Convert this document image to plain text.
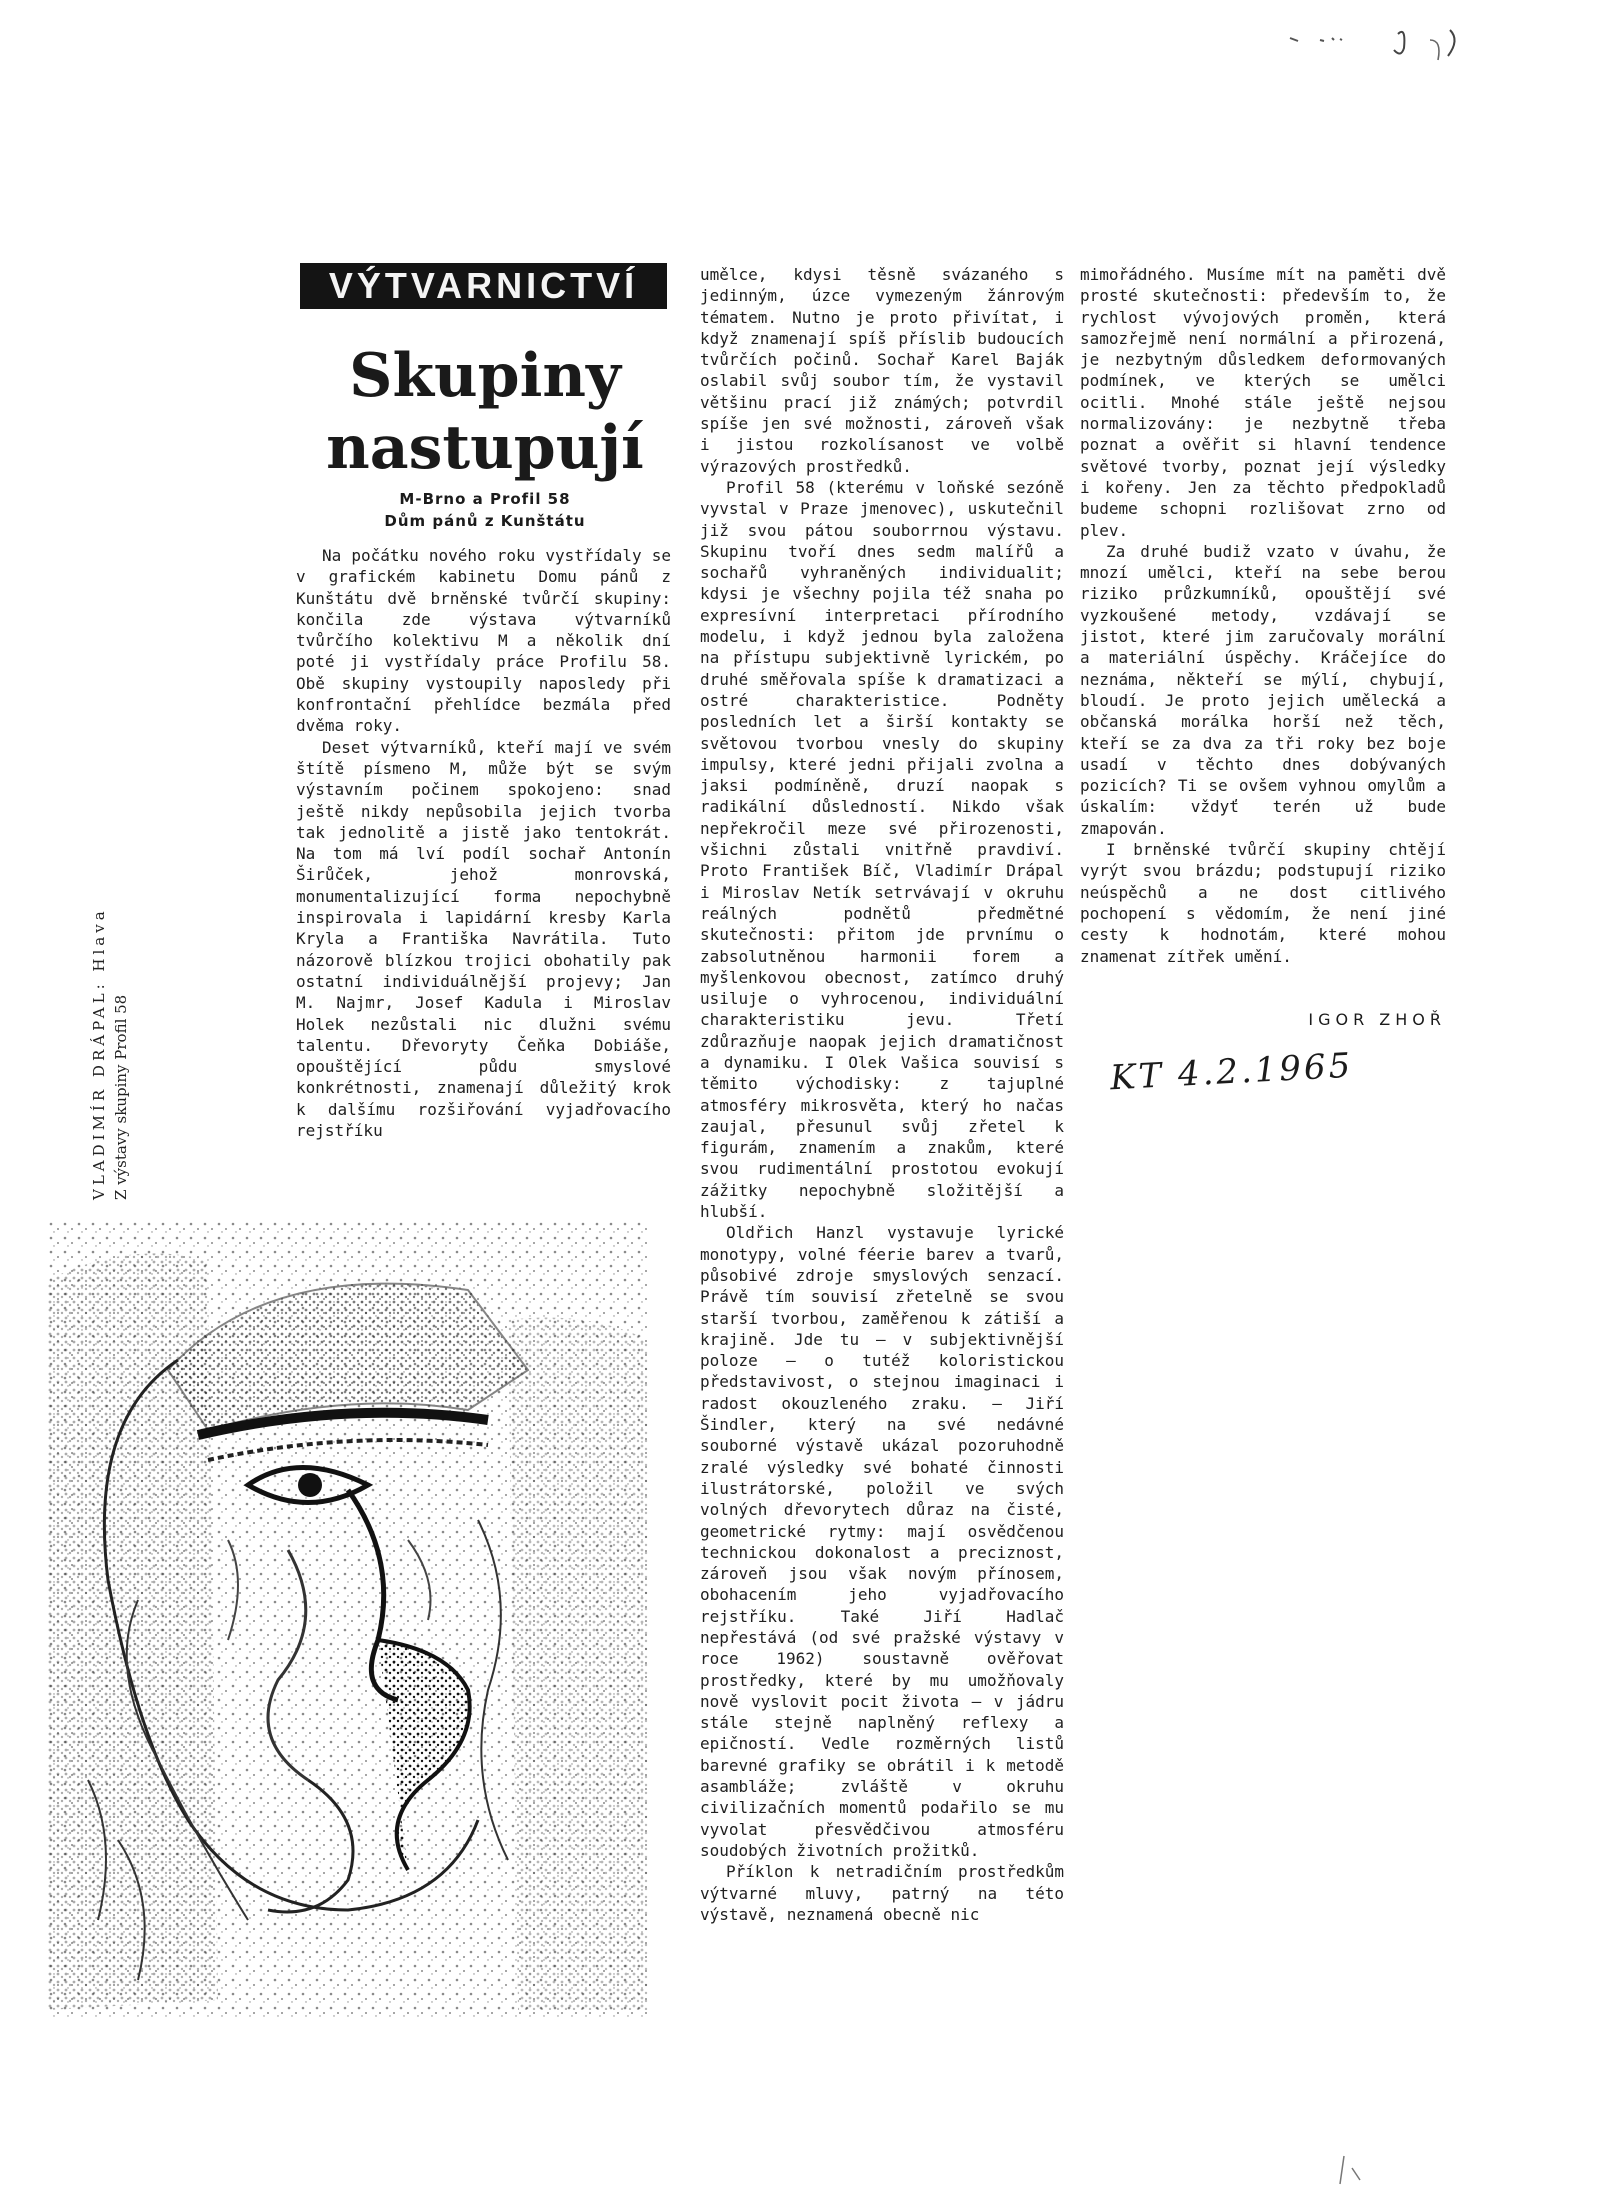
VÝTVARNICTVÍ
Skupiny
nastupují
M-Brno a Profil 58
Dům pánů z Kunštátu

Na počátku nového roku vystřídaly se v grafickém kabinetu Domu pánů z Kunštátu dvě brněnské tvůrčí skupiny: končila zde výstava výtvarníků tvůrčího kolektivu M a několik dní poté ji vystřídaly práce Profilu 58. Obě skupiny vystoupily naposledy při konfrontační přehlídce bezmála před dvěma roky.

Deset výtvarníků, kteří mají ve svém štítě písmeno M, může být se svým výstavním počinem spokojeno: snad ještě nikdy nepůsobila jejich tvorba tak jednolitě a jistě jako tentokrát. Na tom má lví podíl sochař Antonín Širůček, jehož monrovská, monumentalizující forma nepochybně inspirovala i lapidární kresby Karla Kryla a Františka Navrátila. Tuto názorově blízkou trojici obohatily pak ostatní individuálnější projevy; Jan M. Najmr, Josef Kadula i Miroslav Holek nezůstali nic dlužni svému talentu. Dřevoryty Čeňka Dobiáše, opouštějící půdu smyslové konkrétnosti, znamenají důležitý krok k dalšímu rozšiřování vyjadřovacího rejstříku

umělce, kdysi těsně svázaného s jedinným, úzce vymezeným žánrovým tématem. Nutno je proto přivítat, i když znamenají spíš příslib budoucích tvůrčích počinů. Sochař Karel Baják oslabil svůj soubor tím, že vystavil většinu prací již známých; potvrdil spíše jen své možnosti, zároveň však i jistou rozkolísanost ve volbě výrazových prostředků.

Profil 58 (kterému v loňské sezóně vyvstal v Praze jmenovec), uskutečnil již svou pátou souborrnou výstavu. Skupinu tvoří dnes sedm malířů a sochařů vyhraněných individualit; kdysi je všechny pojila též snaha po expresívní interpretaci přírodního modelu, i když jednou byla založena na přístupu subjektivně lyrickém, po druhé směřovala spíše k dramatizaci a ostré charakteristice. Podněty posledních let a širší kontakty se světovou tvorbou vnesly do skupiny impulsy, které jedni přijali zvolna a jaksi podmíněně, druzí naopak s radikální důsledností. Nikdo však nepřekročil meze své přirozenosti, všichni zůstali vnitřně pravdiví. Proto František Bíč, Vladimír Drápal i Miroslav Netík setrvávají v okruhu reálných podnětů předmětné skutečnosti: přitom jde prvnímu o zabsolutněnou harmonii forem a myšlenkovou obecnost, zatímco druhý usiluje o vyhrocenou, individuální charakteristiku jevu. Třetí zdůrazňuje naopak jejich dramatičnost a dynamiku. I Olek Vašica souvisí s těmito východisky: z tajuplné atmosféry mikrosvěta, který ho načas zaujal, přesunul svůj zřetel k figurám, znamením a znakům, které svou rudimentální prostotou evokují zážitky nepochybně složitější a hlubší.

Oldřich Hanzl vystavuje lyrické monotypy, volné féerie barev a tvarů, působivé zdroje smyslových senzací. Právě tím souvisí zřetelně se svou starší tvorbou, zaměřenou k zátiší a krajině. Jde tu — v subjektivnější poloze — o tutéž koloristickou představivost, o stejnou imaginaci i radost okouzleného zraku. — Jiří Šindler, který na své nedávné souborné výstavě ukázal pozoruhodně zralé výsledky své bohaté činnosti ilustrátorské, položil ve svých volných dřevorytech důraz na čisté, geometrické rytmy: mají osvědčenou technickou dokonalost a preciznost, zároveň jsou však novým přínosem, obohacením jeho vyjadřovacího rejstříku. Také Jiří Hadlač nepřestává (od své pražské výstavy v roce 1962) soustavně ověřovat prostředky, které by mu umožňovaly nově vyslovit pocit života — v jádru stále stejně naplněný reflexy a epičností. Vedle rozměrných listů barevné grafiky se obrátil i k metodě asambláže; zvláště v okruhu civilizačních momentů podařilo se mu vyvolat přesvědčivou atmosféru soudobých životních prožitků.

Příklon k netradičním prostředkům výtvarné mluvy, patrný na této výstavě, neznamená obecně nic

mimořádného. Musíme mít na paměti dvě prosté skutečnosti: především to, že rychlost vývojových proměn, která samozřejmě není normální a přirozená, je nezbytným důsledkem deformovaných podmínek, ve kterých se umělci ocitli. Mnohé stále ještě nejsou normalizovány: je nezbytně třeba poznat a ověřit si hlavní tendence světové tvorby, poznat její výsledky i kořeny. Jen za těchto předpokladů budeme schopni rozlišovat zrno od plev.

Za druhé budiž vzato v úvahu, že mnozí umělci, kteří na sebe berou riziko průzkumníků, opouštějí své vyzkoušené metody, vzdávají se jistot, které jim zaručovaly morální a materiální úspěchy. Kráčejíce do neznáma, někteří se mýlí, chybují, bloudí. Je proto jejich umělecká a občanská morálka horší než těch, kteří se za dva za tři roky bez boje usadí v těchto dnes dobývaných pozicích? Ti se ovšem vyhnou omylům a úskalím: vždyť terén už bude zmapován.

I brněnské tvůrčí skupiny chtějí vyrýt svou brázdu; podstupují riziko neúspěchů a ne dost citlivého pochopení s vědomím, že není jiné cesty k hodnotám, které mohou znamenat zítřek umění.

IGOR ZHOŘ
KT 4.2.1965
VLADIMÍR DRÁPAL: Hlava Z výstavy skupiny Profil 58
